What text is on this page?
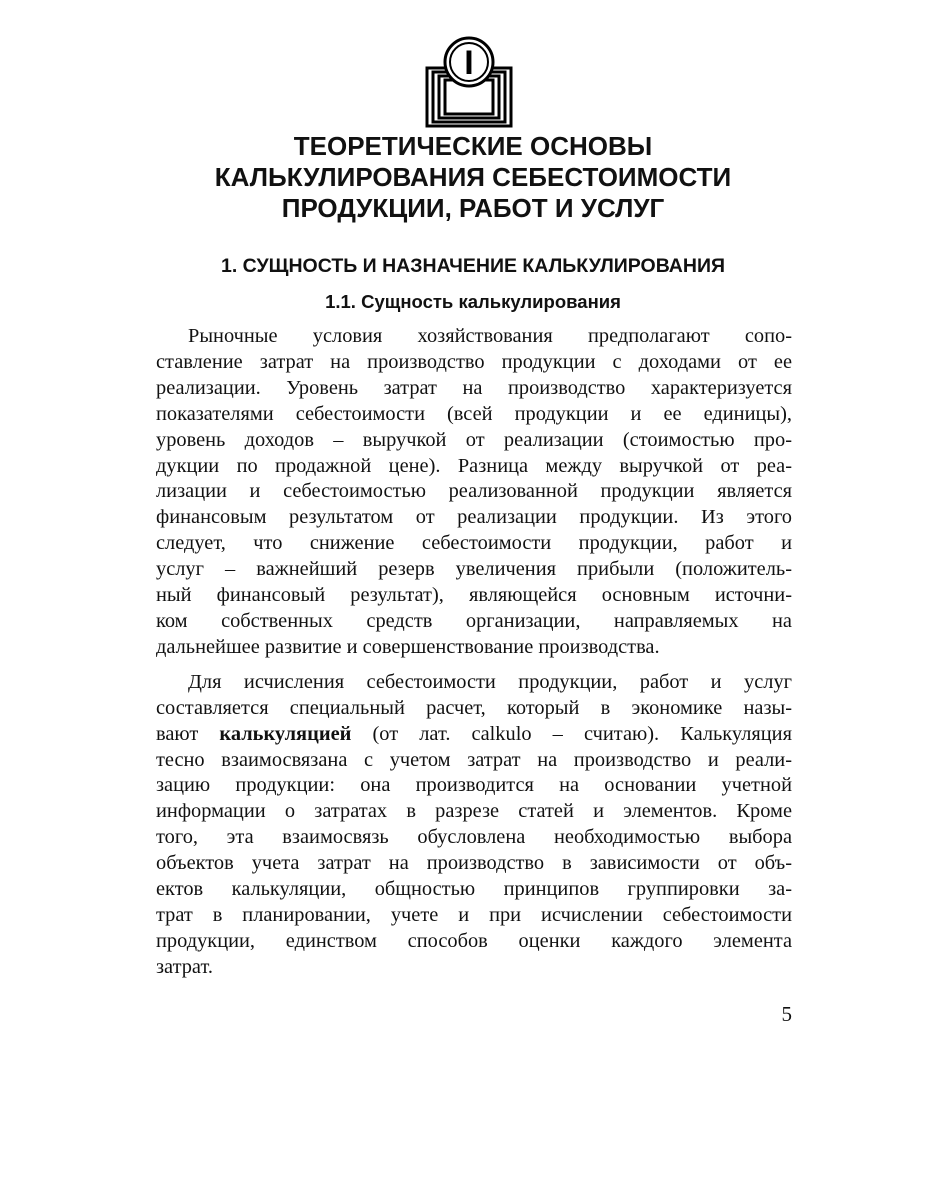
I
ТЕОРЕТИЧЕСКИЕ ОСНОВЫ
КАЛЬКУЛИРОВАНИЯ СЕБЕСТОИМОСТИ
ПРОДУКЦИИ, РАБОТ И УСЛУГ
1. СУЩНОСТЬ И НАЗНАЧЕНИЕ КАЛЬКУЛИРОВАНИЯ
1.1. Сущность калькулирования
Рыночные условия хозяйствования предполагают сопо-
ставление затрат на производство продукции с доходами от ее
реализации. Уровень затрат на производство характеризуется
показателями себестоимости (всей продукции и ее единицы),
уровень доходов – выручкой от реализации (стоимостью про-
дукции по продажной цене). Разница между выручкой от реа-
лизации и себестоимостью реализованной продукции является
финансовым результатом от реализации продукции. Из этого
следует, что снижение себестоимости продукции, работ и
услуг – важнейший резерв увеличения прибыли (положитель-
ный финансовый результат), являющейся основным источни-
ком собственных средств организации, направляемых на
дальнейшее развитие и совершенствование производства.
Для исчисления себестоимости продукции, работ и услуг
составляется специальный расчет, который в экономике назы-
вают калькуляцией (от лат. calkulo – считаю). Калькуляция
тесно взаимосвязана с учетом затрат на производство и реали-
зацию продукции: она производится на основании учетной
информации о затратах в разрезе статей и элементов. Кроме
того, эта взаимосвязь обусловлена необходимостью выбора
объектов учета затрат на производство в зависимости от объ-
ектов калькуляции, общностью принципов группировки за-
трат в планировании, учете и при исчислении себестоимости
продукции, единством способов оценки каждого элемента
затрат.
5
